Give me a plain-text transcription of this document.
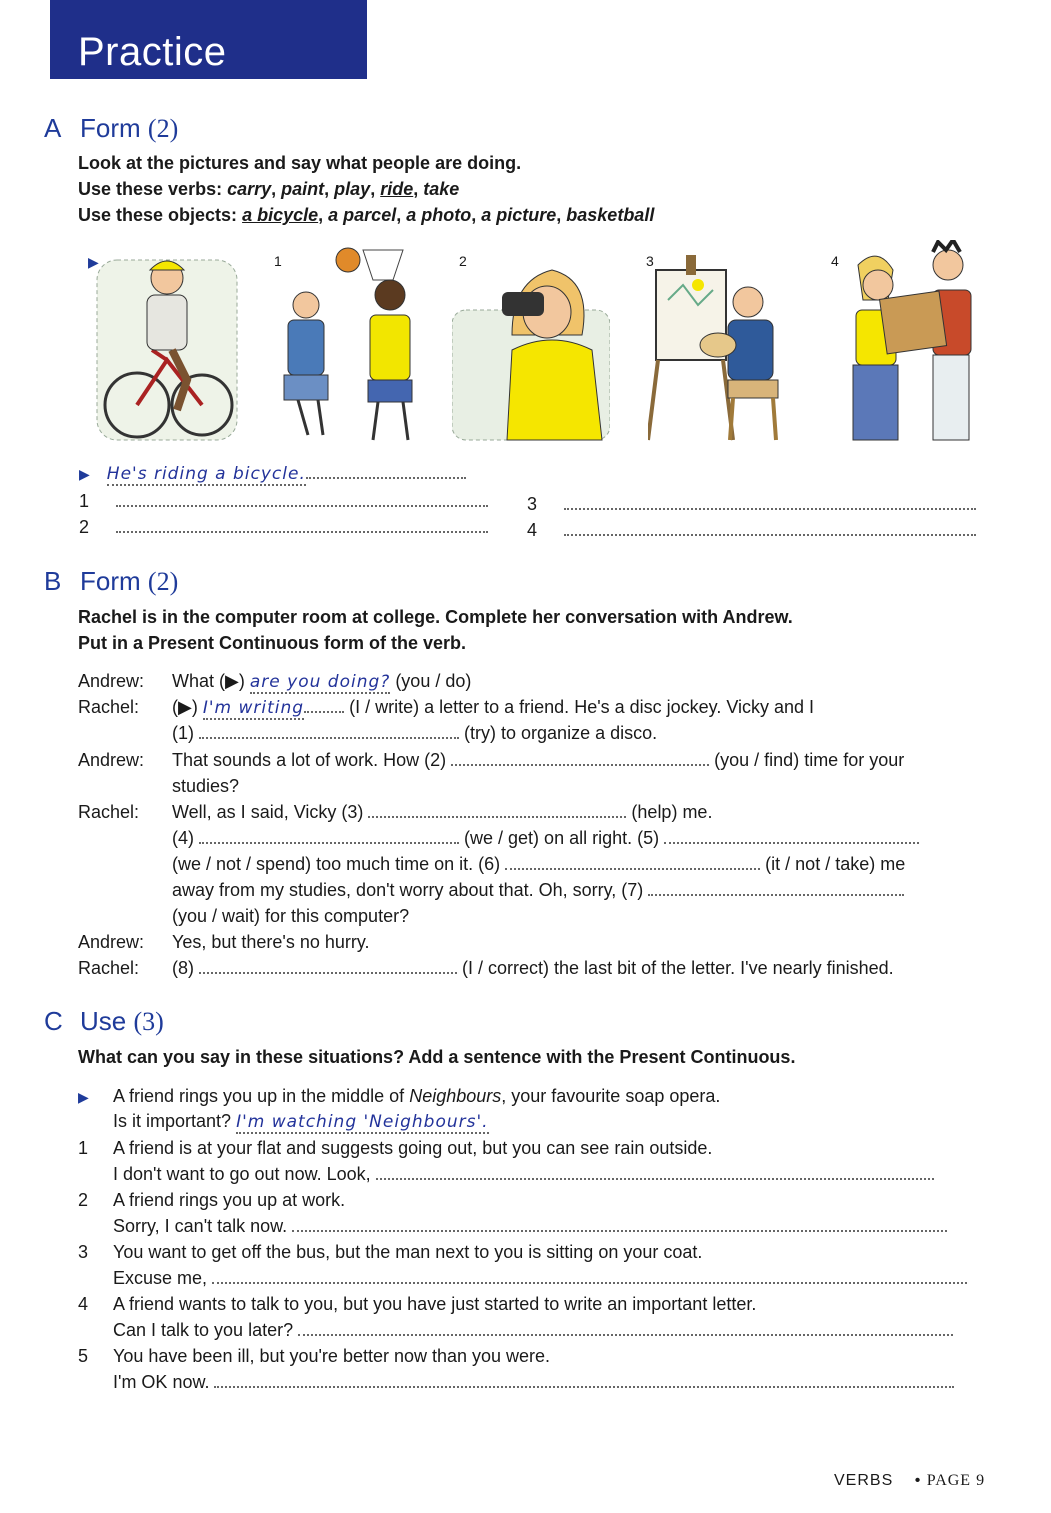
Practice
A Form (2)
Look at the pictures and say what people are doing.
Use these verbs: carry, paint, play, ride, take
Use these objects: a bicycle, a parcel, a photo, a picture, basketball
▶	1	2	3	4
▶ He's riding a bicycle.
1
2
3
4
B Form (2)
Rachel is in the computer room at college. Complete her conversation with Andrew.
Put in a Present Continuous form of the verb.
Andrew: What (▶) are you doing? (you / do)
Rachel: (▶) I'm writing	(I / write) a letter to a friend. He's a disc jockey. Vicky and I
(1)	(try) to organize a disco.
Andrew: That sounds a lot of work. How (2)	(you / find) time for your
studies?
Rachel: Well, as I said, Vicky (3)	(help) me.
(4)	(we / get) on all right. (5)
(we / not / spend) too much time on it. (6)	(it / not / take) me
away from my studies, don't worry about that. Oh, sorry, (7)
(you / wait) for this computer?
Andrew: Yes, but there's no hurry.
Rachel: (8)	(I / correct) the last bit of the letter. I've nearly finished.
C Use (3)
What can you say in these situations? Add a sentence with the Present Continuous.
▶ A friend rings you up in the middle of Neighbours, your favourite soap opera.
Is it important? I'm watching 'Neighbours'.
1 A friend is at your flat and suggests going out, but you can see rain outside.
I don't want to go out now. Look,
2 A friend rings you up at work.
Sorry, I can't talk now.
3 You want to get off the bus, but the man next to you is sitting on your coat.
Excuse me,
4 A friend wants to talk to you, but you have just started to write an important letter.
Can I talk to you later?
5 You have been ill, but you're better now than you were.
I'm OK now.
VERBS • PAGE 9
